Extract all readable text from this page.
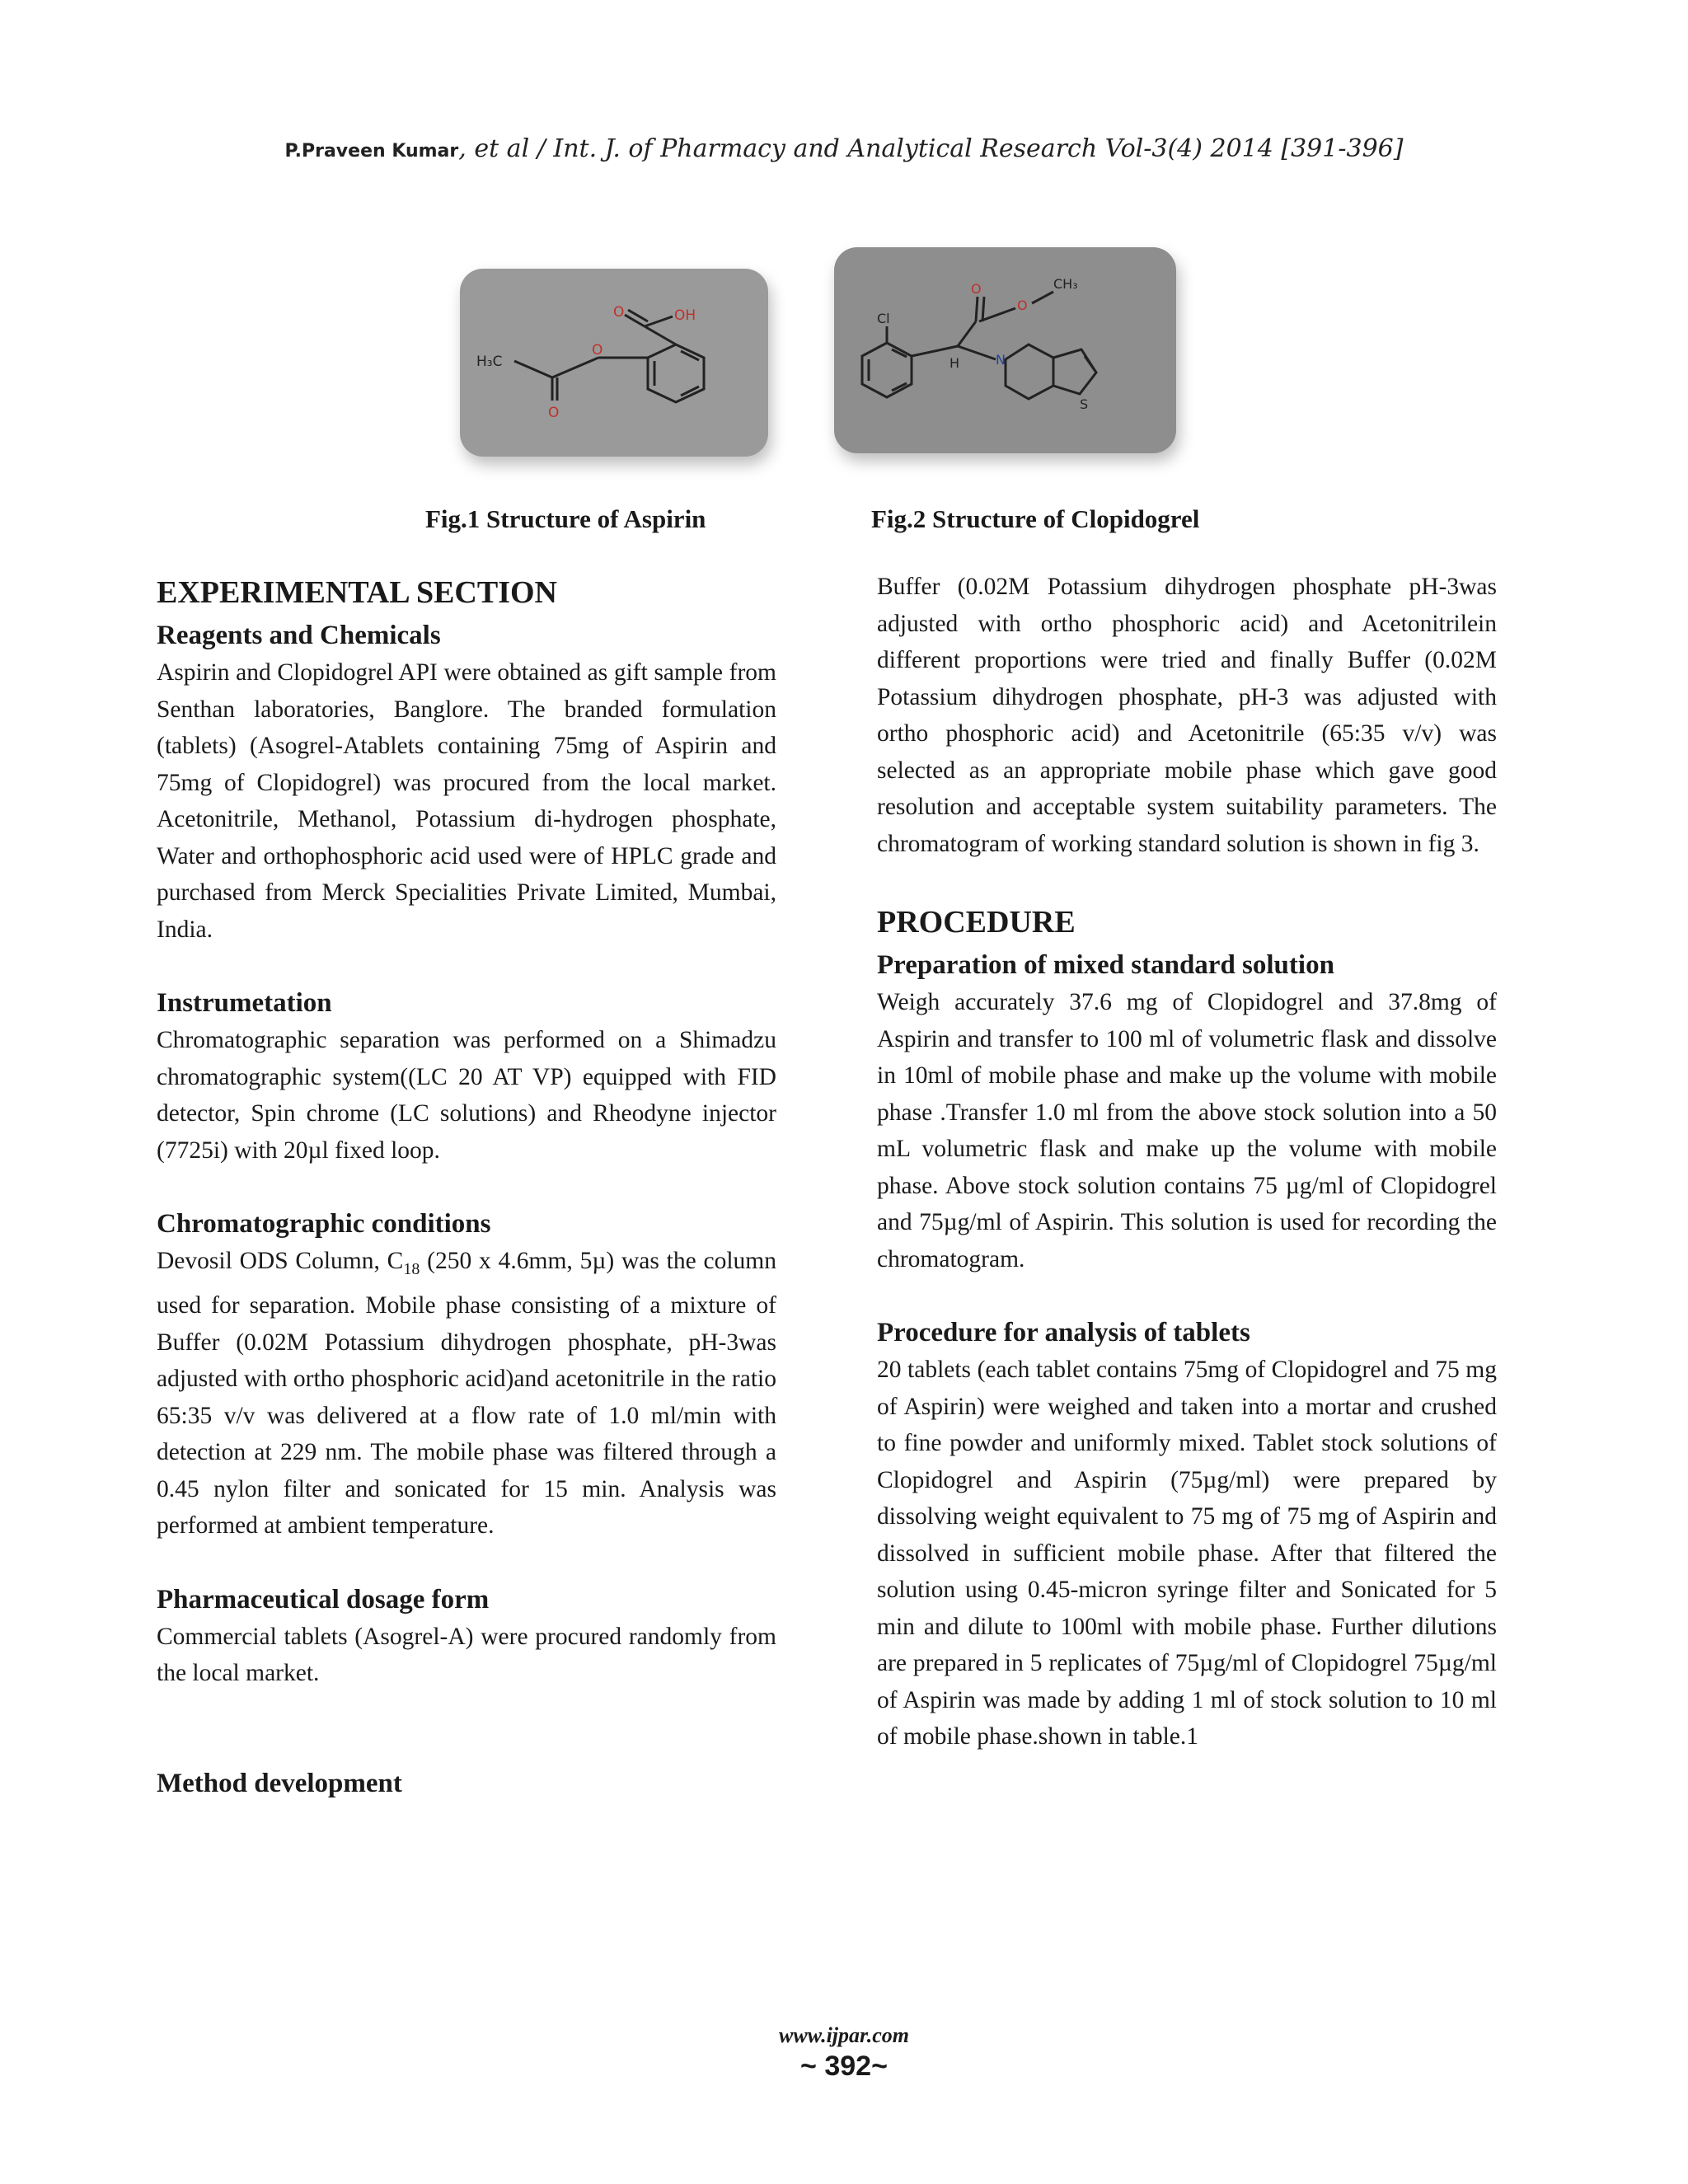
P.Praveen Kumar, et al / Int. J. of Pharmacy and Analytical Research Vol-3(4) 2014 [391-396]
O	OH
O
O
H₃C
Cl
O
O
CH₃
H	N
S
Fig.1 Structure of Aspirin	Fig.2 Structure of Clopidogrel
EXPERIMENTAL SECTION
Reagents and Chemicals

Aspirin and Clopidogrel API were obtained as gift sample from Senthan laboratories, Banglore. The branded formulation (tablets) (Asogrel-Atablets containing 75mg of Aspirin and 75mg of Clopidogrel) was procured from the local market. Acetonitrile, Methanol, Potassium di-hydrogen phosphate, Water and orthophosphoric acid used were of HPLC grade and purchased from Merck Specialities Private Limited, Mumbai, India.

Instrumetation

Chromatographic separation was performed on a Shimadzu chromatographic system((LC 20 AT VP) equipped with FID detector, Spin chrome (LC solutions) and Rheodyne injector (7725i) with 20µl fixed loop.

Chromatographic conditions

Devosil ODS Column, $C_{18}$ (250 x 4.6mm, 5µ) was the column used for separation. Mobile phase consisting of a mixture of Buffer (0.02M Potassium dihydrogen phosphate, pH-3was adjusted with ortho phosphoric acid)and acetonitrile in the ratio 65:35 v/v was delivered at a flow rate of 1.0 ml/min with detection at 229 nm. The mobile phase was filtered through a 0.45 nylon filter and sonicated for 15 min. Analysis was performed at ambient temperature.

Pharmaceutical dosage form

Commercial tablets (Asogrel-A) were procured randomly from the local market.

Method development

Buffer (0.02M Potassium dihydrogen phosphate pH-3was adjusted with ortho phosphoric acid) and Acetonitrilein different proportions were tried and finally Buffer (0.02M Potassium dihydrogen phosphate, pH-3 was adjusted with ortho phosphoric acid) and Acetonitrile (65:35 v/v) was selected as an appropriate mobile phase which gave good resolution and acceptable system suitability parameters. The chromatogram of working standard solution is shown in fig 3.

PROCEDURE
Preparation of mixed standard solution

Weigh accurately 37.6 mg of Clopidogrel and 37.8mg of Aspirin and transfer to 100 ml of volumetric flask and dissolve in 10ml of mobile phase and make up the volume with mobile phase .Transfer 1.0 ml from the above stock solution into a 50 mL volumetric flask and make up the volume with mobile phase. Above stock solution contains 75 µg/ml of Clopidogrel and 75µg/ml of Aspirin. This solution is used for recording the chromatogram.

Procedure for analysis of tablets

20 tablets (each tablet contains 75mg of Clopidogrel and 75 mg of Aspirin) were weighed and taken into a mortar and crushed to fine powder and uniformly mixed. Tablet stock solutions of Clopidogrel and Aspirin (75µg/ml) were prepared by dissolving weight equivalent to 75 mg of 75 mg of Aspirin and dissolved in sufficient mobile phase. After that filtered the solution using 0.45-micron syringe filter and Sonicated for 5 min and dilute to 100ml with mobile phase. Further dilutions are prepared in 5 replicates of 75µg/ml of Clopidogrel 75µg/ml of Aspirin was made by adding 1 ml of stock solution to 10 ml of mobile phase.shown in table.1

www.ijpar.com
~ 392~
